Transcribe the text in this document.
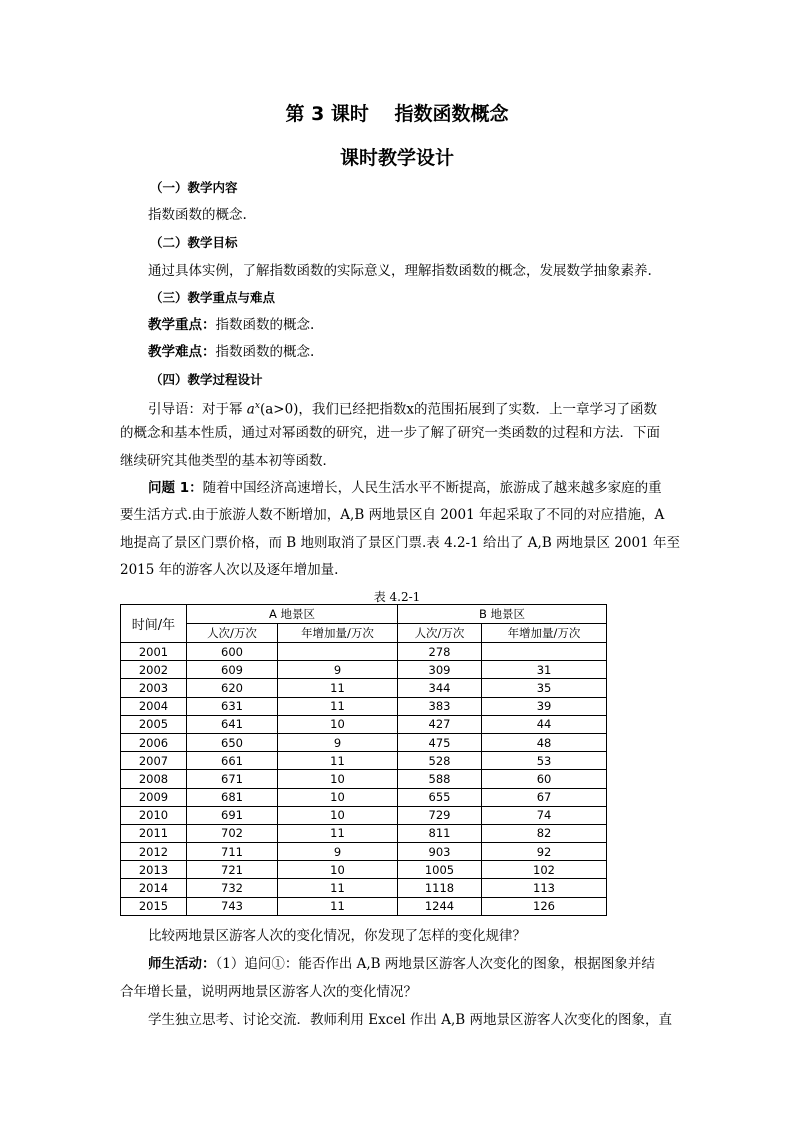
第 3 课时　 指数函数概念
课时教学设计
（一）教学内容
指数函数的概念.
（二）教学目标
通过具体实例，了解指数函数的实际意义，理解指数函数的概念，发展数学抽象素养.
（三）教学重点与难点
教学重点：指数函数的概念.
教学难点：指数函数的概念.
（四）教学过程设计
引导语：对于幂 $a^x(a>0)$，我们已经把指数x的范围拓展到了实数．上一章学习了函数
的概念和基本性质，通过对幂函数的研究，进一步了解了研究一类函数的过程和方法．下面
继续研究其他类型的基本初等函数．
问题 1：随着中国经济高速增长，人民生活水平不断提高，旅游成了越来越多家庭的重
要生活方式.由于旅游人数不断增加，A,B 两地景区自 2001 年起采取了不同的对应措施，A
地提高了景区门票价格，而 B 地则取消了景区门票.表 4.2-1 给出了 A,B 两地景区 2001 年至
2015 年的游客人次以及逐年增加量.
表 4.2-1
时间/年	A 地景区		B 地景区	
	人次/万次	年增加量/万次	人次/万次	年增加量/万次
2001	600		278	
2002	609	9	309	31
2003	620	11	344	35
2004	631	11	383	39
2005	641	10	427	44
2006	650	9	475	48
2007	661	11	528	53
2008	671	10	588	60
2009	681	10	655	67
2010	691	10	729	74
2011	702	11	811	82
2012	711	9	903	92
2013	721	10	1005	102
2014	732	11	1118	113
2015	743	11	1244	126
比较两地景区游客人次的变化情况，你发现了怎样的变化规律？
师生活动：（1）追问①：能否作出 A,B 两地景区游客人次变化的图象，根据图象并结
合年增长量，说明两地景区游客人次的变化情况？
学生独立思考、讨论交流．教师利用 Excel 作出 A,B 两地景区游客人次变化的图象，直
